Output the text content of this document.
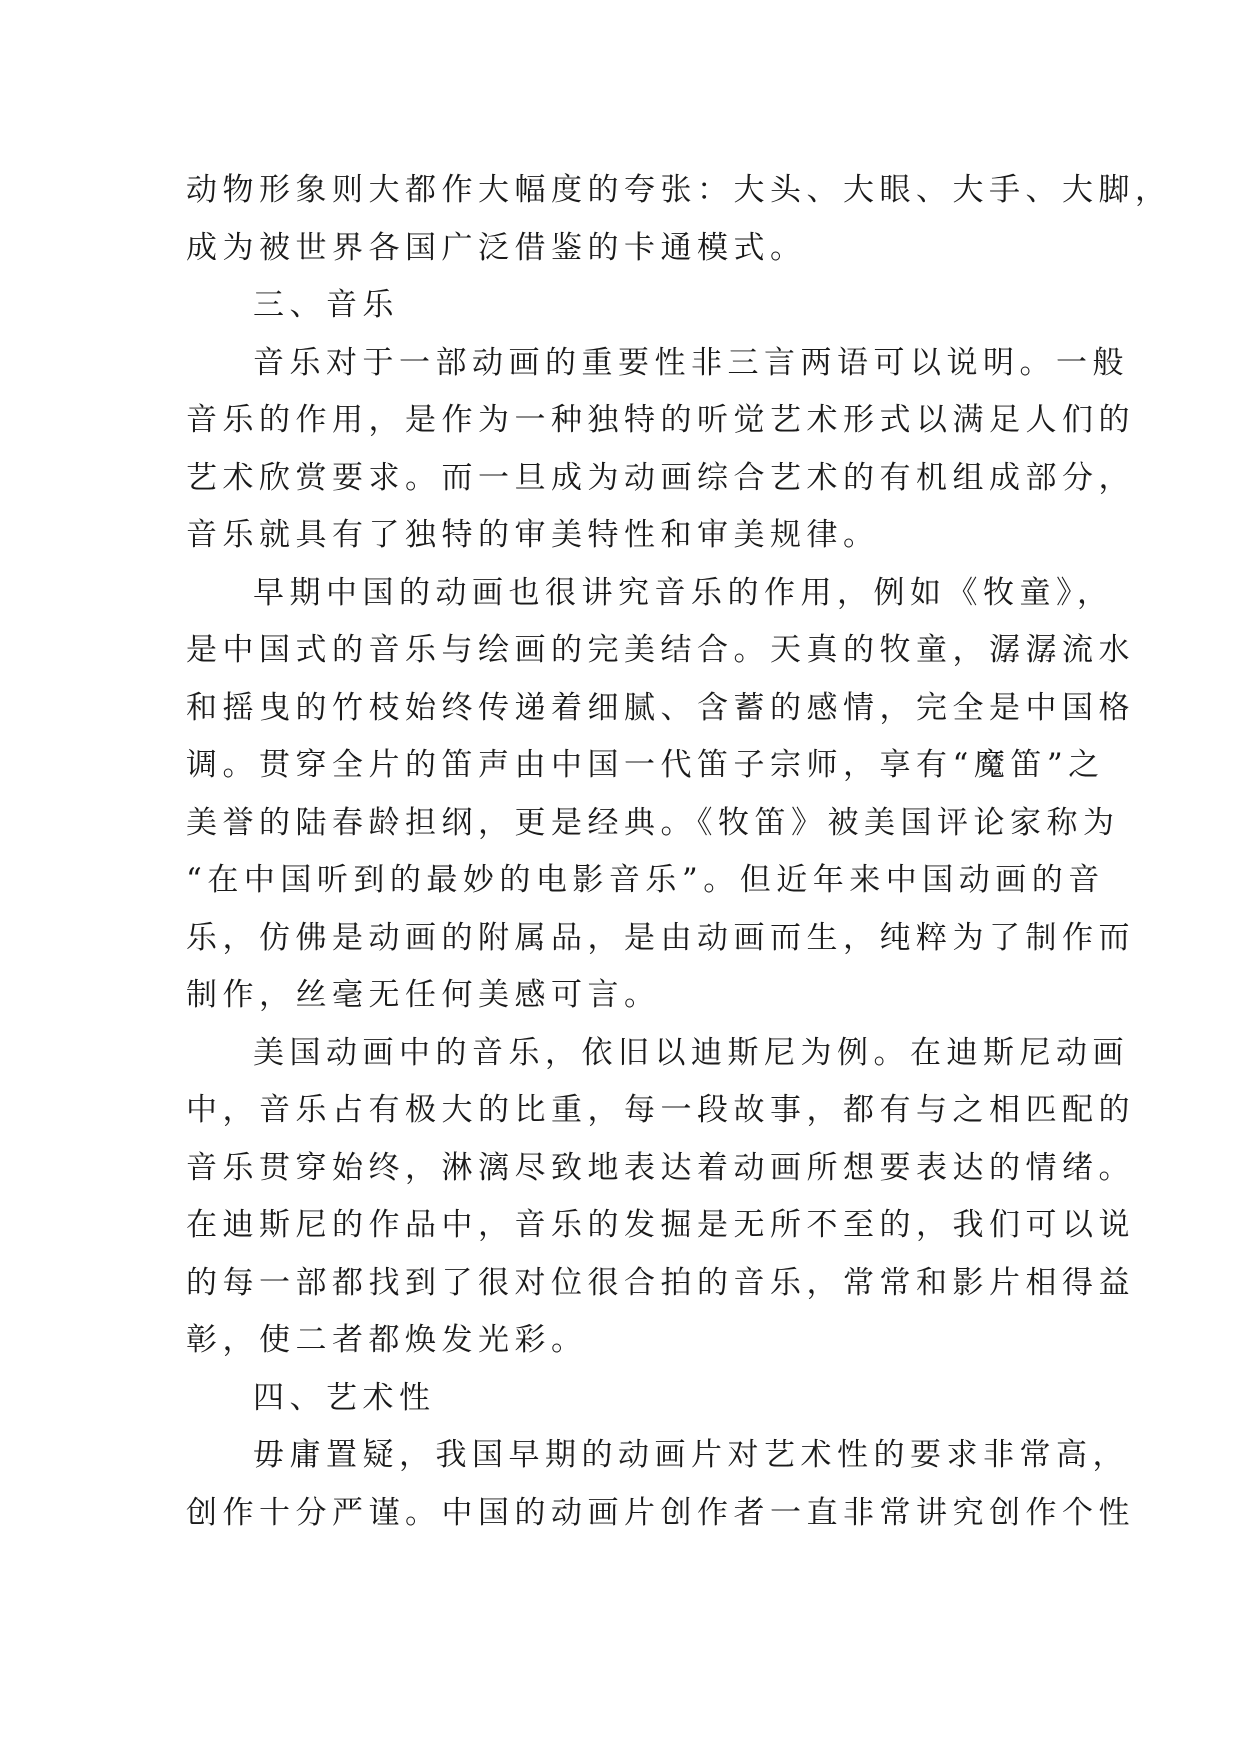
动物形象则大都作大幅度的夸张：大头、大眼、大手、大脚，
成为被世界各国广泛借鉴的卡通模式。
三、音乐
音乐对于一部动画的重要性非三言两语可以说明。一般
音乐的作用，是作为一种独特的听觉艺术形式以满足人们的
艺术欣赏要求。而一旦成为动画综合艺术的有机组成部分，
音乐就具有了独特的审美特性和审美规律。
早期中国的动画也很讲究音乐的作用，例如《牧童》，
是中国式的音乐与绘画的完美结合。天真的牧童，潺潺流水
和摇曳的竹枝始终传递着细腻、含蓄的感情，完全是中国格
调。贯穿全片的笛声由中国一代笛子宗师，享有“魔笛”之
美誉的陆春龄担纲，更是经典。《牧笛》被美国评论家称为
“在中国听到的最妙的电影音乐”。但近年来中国动画的音
乐，仿佛是动画的附属品，是由动画而生，纯粹为了制作而
制作，丝毫无任何美感可言。
美国动画中的音乐，依旧以迪斯尼为例。在迪斯尼动画
中，音乐占有极大的比重，每一段故事，都有与之相匹配的
音乐贯穿始终，淋漓尽致地表达着动画所想要表达的情绪。
在迪斯尼的作品中，音乐的发掘是无所不至的，我们可以说
的每一部都找到了很对位很合拍的音乐，常常和影片相得益
彰，使二者都焕发光彩。
四、艺术性
毋庸置疑，我国早期的动画片对艺术性的要求非常高，
创作十分严谨。中国的动画片创作者一直非常讲究创作个性
